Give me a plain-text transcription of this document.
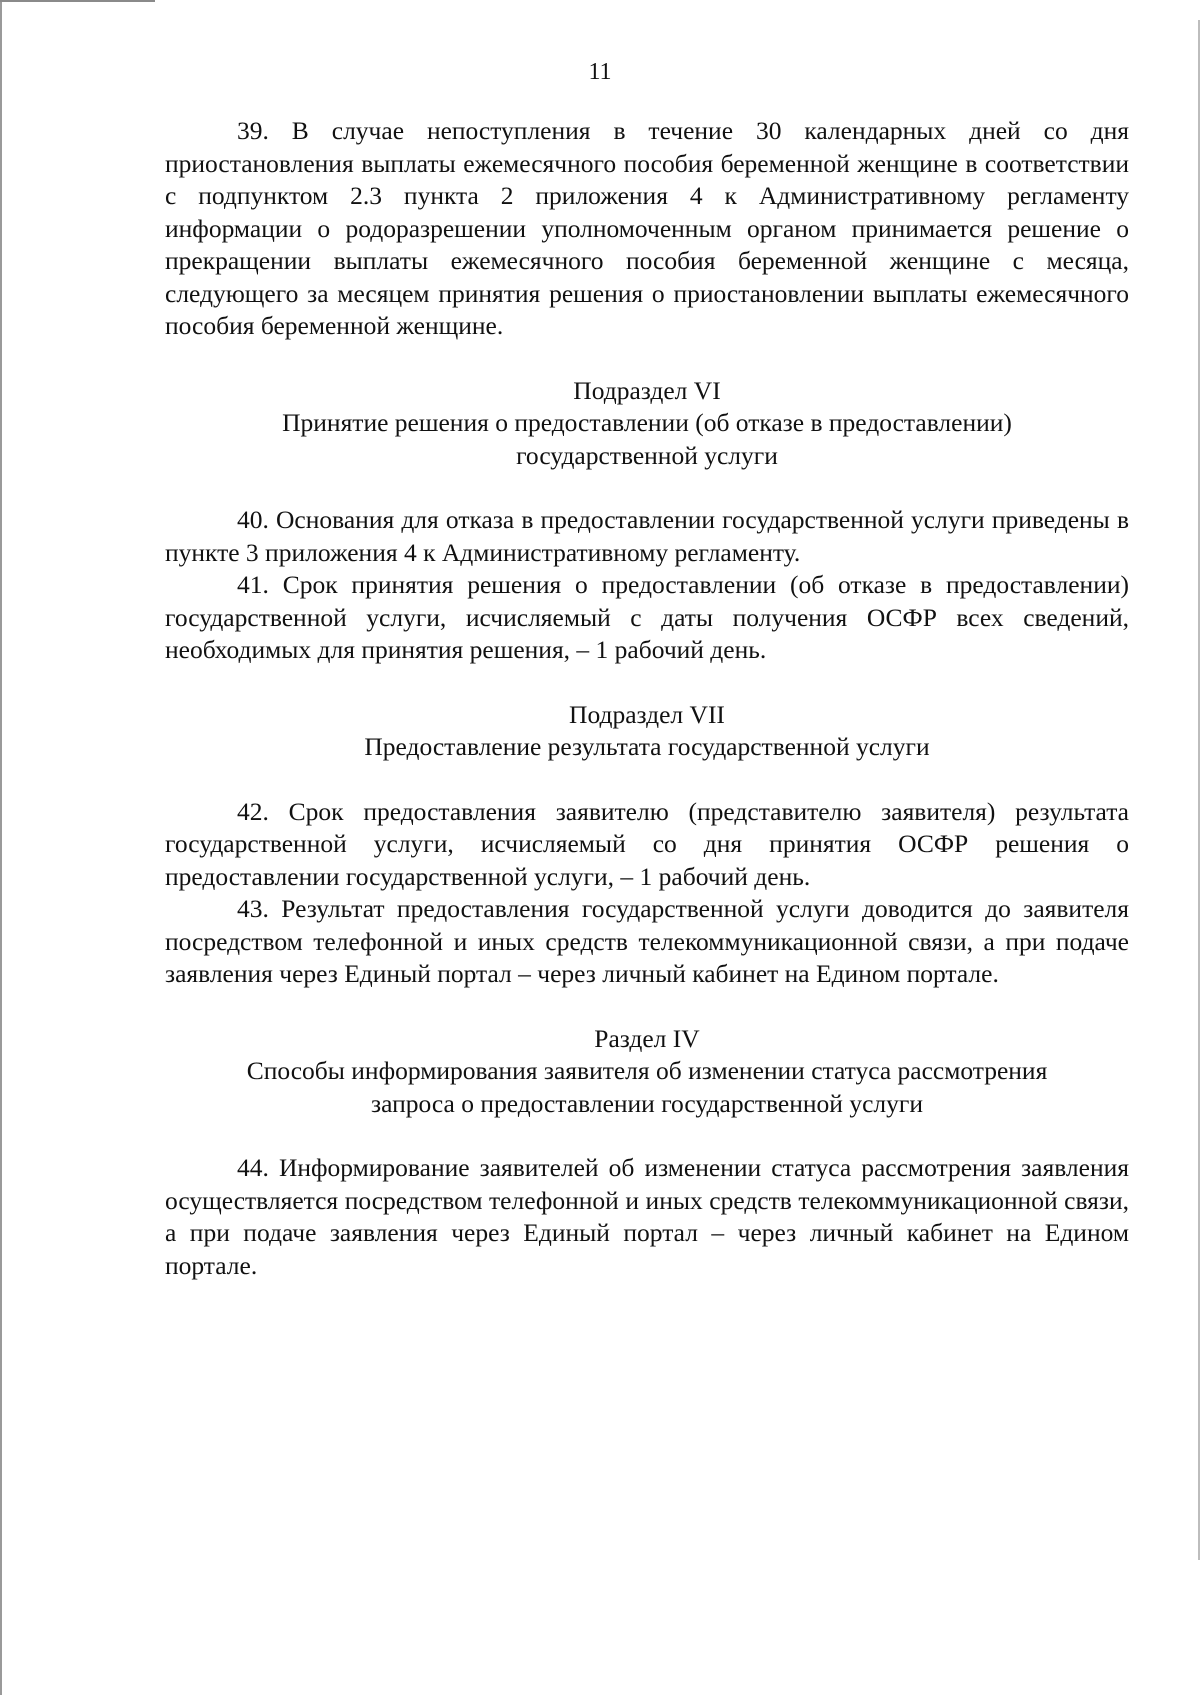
11

39. В случае непоступления в течение 30 календарных дней со дня приостановления выплаты ежемесячного пособия беременной женщине в соответствии с подпунктом 2.3 пункта 2 приложения 4 к Административному регламенту информации о родоразрешении уполномоченным органом принимается решение о прекращении выплаты ежемесячного пособия беременной женщине с месяца, следующего за месяцем принятия решения о приостановлении выплаты ежемесячного пособия беременной женщине.

Подраздел VI

Принятие решения о предоставлении (об отказе в предоставлении)

государственной услуги

40. Основания для отказа в предоставлении государственной услуги приведены в пункте 3 приложения 4 к Административному регламенту.

41. Срок принятия решения о предоставлении (об отказе в предоставлении) государственной услуги, исчисляемый с даты получения ОСФР всех сведений, необходимых для принятия решения, – 1 рабочий день.

Подраздел VII

Предоставление результата государственной услуги

42. Срок предоставления заявителю (представителю заявителя) результата государственной услуги, исчисляемый со дня принятия ОСФР решения о предоставлении государственной услуги, – 1 рабочий день.

43. Результат предоставления государственной услуги доводится до заявителя посредством телефонной и иных средств телекоммуникационной связи, а при подаче заявления через Единый портал – через личный кабинет на Едином портале.

Раздел IV

Способы информирования заявителя об изменении статуса рассмотрения

запроса о предоставлении государственной услуги

44. Информирование заявителей об изменении статуса рассмотрения заявления осуществляется посредством телефонной и иных средств телекоммуникационной связи, а при подаче заявления через Единый портал – через личный кабинет на Едином портале.
